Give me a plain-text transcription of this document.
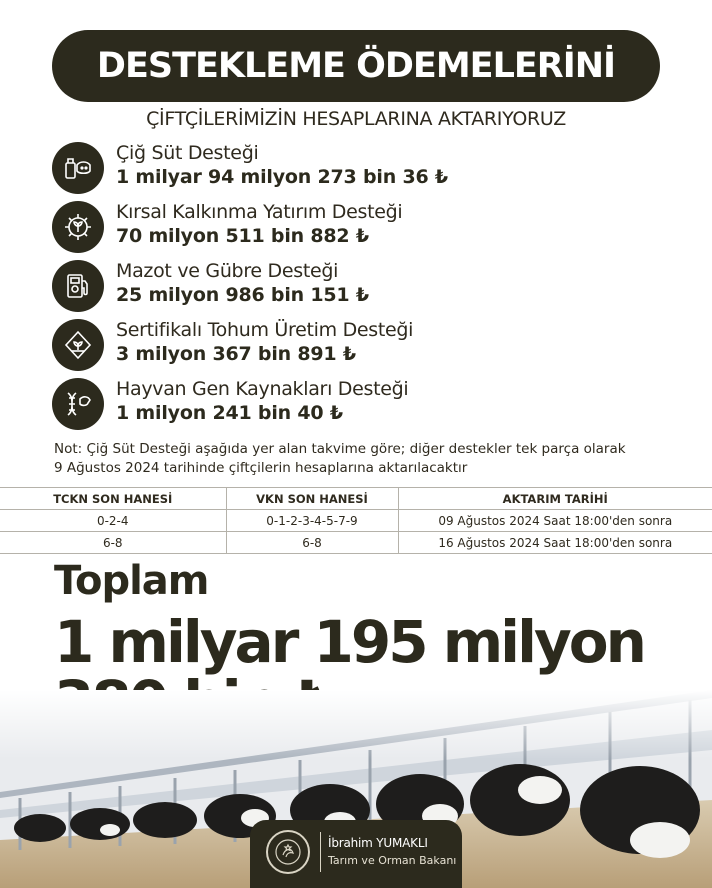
DESTEKLEME ÖDEMELERİNİ
ÇİFTÇİLERİMİZİN HESAPLARINA AKTARIYORUZ
Çiğ Süt Desteği
1 milyar 94 milyon 273 bin 36 ₺
Kırsal Kalkınma Yatırım Desteği
70 milyon 511 bin 882 ₺
Mazot ve Gübre Desteği
25 milyon 986 bin 151 ₺
Sertifikalı Tohum Üretim Desteği
3 milyon 367 bin 891 ₺
Hayvan Gen Kaynakları Desteği
1 milyon 241 bin 40 ₺
Not: Çiğ Süt Desteği aşağıda yer alan takvime göre; diğer destekler tek parça olarak
9 Ağustos 2024 tarihinde çiftçilerin hesaplarına aktarılacaktır
TCKN SON HANESİ	VKN SON HANESİ	AKTARIM TARİHİ
0-2-4	0-1-2-3-4-5-7-9	09 Ağustos 2024 Saat 18:00'den sonra
6-8	6-8	16 Ağustos 2024 Saat 18:00'den sonra
Toplam
1 milyar 195 milyon
İbrahim YUMAKLI
Tarım ve Orman Bakanı
